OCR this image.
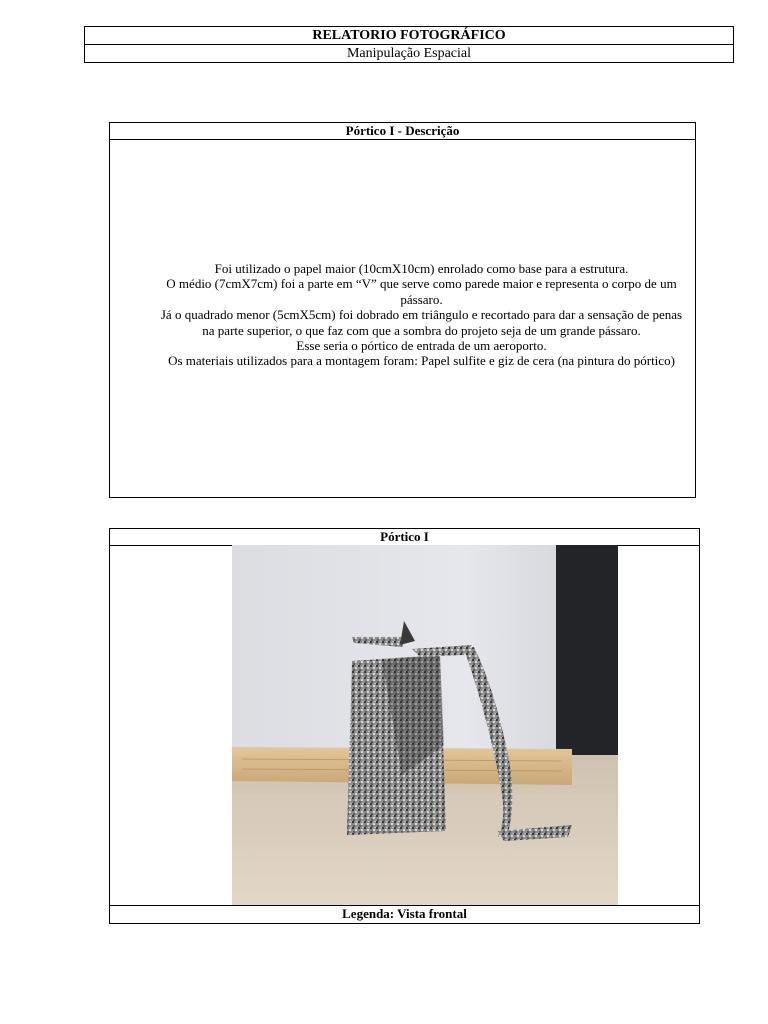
RELATORIO FOTOGRÁFICO
Manipulação Espacial
Pórtico I - Descrição

Foi utilizado o papel maior (10cmX10cm) enrolado como base para a estrutura.

O médio (7cmX7cm) foi a parte em “V” que serve como parede maior e representa o corpo de um pássaro.

Já o quadrado menor (5cmX5cm) foi dobrado em triângulo e recortado para dar a sensação de penas na parte superior, o que faz com que a sombra do projeto seja de um grande pássaro.

Esse seria o pórtico de entrada de um aeroporto.

Os materiais utilizados para a montagem foram: Papel sulfite e giz de cera (na pintura do pórtico)

Pórtico I
Legenda: Vista frontal
